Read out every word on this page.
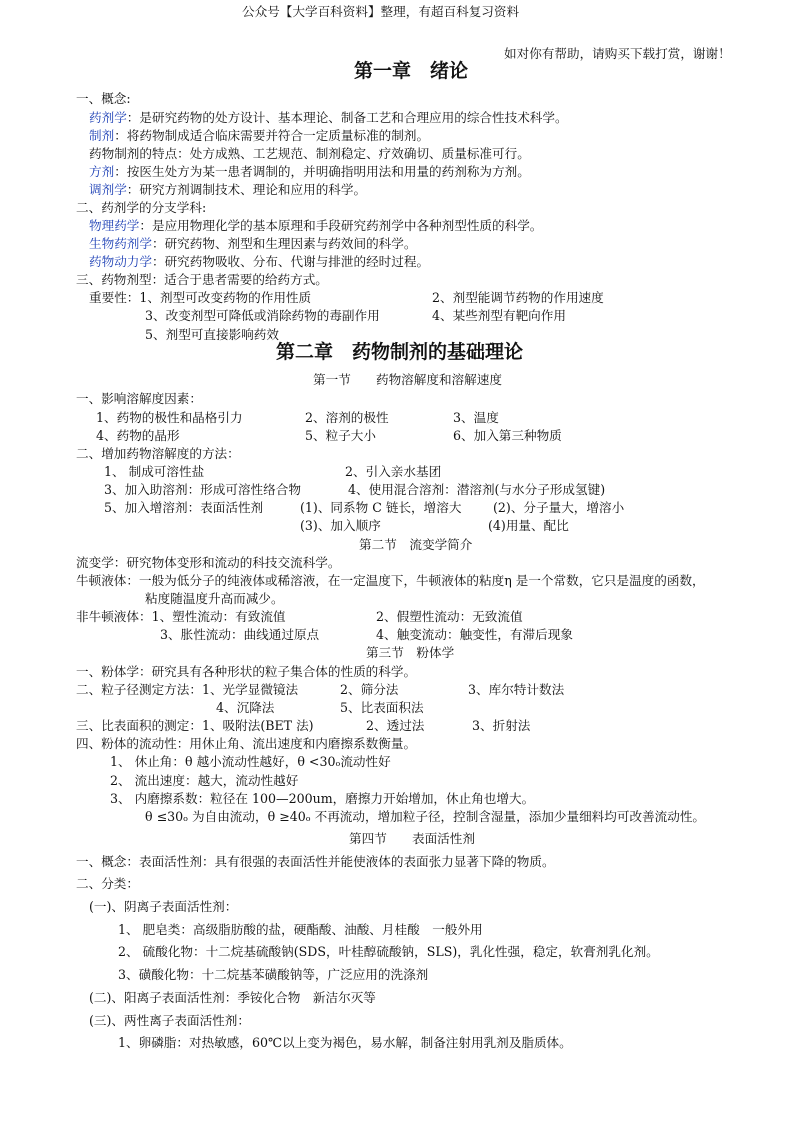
公众号【大学百科资料】整理，有超百科复习资料
如对你有帮助，请购买下载打赏，谢谢！
第一章　绪论
一、概念:
药剂学：是研究药物的处方设计、基本理论、制备工艺和合理应用的综合性技术科学。
制剂：将药物制成适合临床需要并符合一定质量标准的制剂。
药物制剂的特点：处方成熟、工艺规范、制剂稳定、疗效确切、质量标准可行。
方剂：按医生处方为某一患者调制的，并明确指明用法和用量的药剂称为方剂。
调剂学：研究方剂调制技术、理论和应用的科学。
二、药剂学的分支学科:
物理药学：是应用物理化学的基本原理和手段研究药剂学中各种剂型性质的科学。
生物药剂学：研究药物、剂型和生理因素与药效间的科学。
药物动力学：研究药物吸收、分布、代谢与排泄的经时过程。
三、药物剂型：适合于患者需要的给药方式。
重要性：1、剂型可改变药物的作用性质	2、剂型能调节药物的作用速度
3、改变剂型可降低或消除药物的毒副作用	4、某些剂型有靶向作用
5、剂型可直接影响药效
第二章　药物制剂的基础理论
第一节　　药物溶解度和溶解速度
一、影响溶解度因素：
1、药物的极性和晶格引力	2、溶剂的极性	3、温度
4、药物的晶形	5、粒子大小	6、加入第三种物质
二、增加药物溶解度的方法：
1、 制成可溶性盐	2、引入亲水基团
3、加入助溶剂：形成可溶性络合物	4、使用混合溶剂：潜溶剂(与水分子形成氢键)
5、加入增溶剂：表面活性剂	(1)、同系物 C 链长，增溶大	(2)、分子量大，增溶小
(3)、加入顺序	(4)用量、配比
第二节　流变学简介
流变学：研究物体变形和流动的科技交流科学。
牛顿液体：一般为低分子的纯液体或稀溶液，在一定温度下，牛顿液体的粘度η 是一个常数，它只是温度的函数，
粘度随温度升高而减少。
非牛顿液体：1、塑性流动：有致流值	2、假塑性流动：无致流值
3、胀性流动：曲线通过原点	4、触变流动：触变性，有滞后现象
第三节　粉体学
一、粉体学：研究具有各种形状的粒子集合体的性质的科学。
二、粒子径测定方法：1、光学显微镜法	2、筛分法	3、库尔特计数法
4、沉降法	5、比表面积法
三、比表面积的测定：1、吸附法(BET 法)	2、透过法	3、折射法
四、粉体的流动性：用休止角、流出速度和内磨擦系数衡量。
1、 休止角：θ 越小流动性越好，θ <30ₒ流动性好
2、 流出速度：越大，流动性越好
3、 内磨擦系数：粒径在 100—200um，磨擦力开始增加，休止角也增大。
θ ≤30ₒ 为自由流动，θ ≥40ₒ 不再流动，增加粒子径，控制含湿量，添加少量细料均可改善流动性。
第四节　　表面活性剂
一、概念：表面活性剂：具有很强的表面活性并能使液体的表面张力显著下降的物质。
二、分类：
(一)、阴离子表面活性剂：
1、 肥皂类：高级脂肪酸的盐，硬酯酸、油酸、月桂酸　一般外用
2、 硫酸化物：十二烷基硫酸钠(SDS，叶桂醇硫酸钠，SLS)，乳化性强，稳定，软膏剂乳化剂。
3、磺酸化物：十二烷基苯磺酸钠等，广泛应用的洗涤剂
(二)、阳离子表面活性剂：季铵化合物　新洁尔灭等
(三)、两性离子表面活性剂：
1、卵磷脂：对热敏感，60℃以上变为褐色，易水解，制备注射用乳剂及脂质体。
